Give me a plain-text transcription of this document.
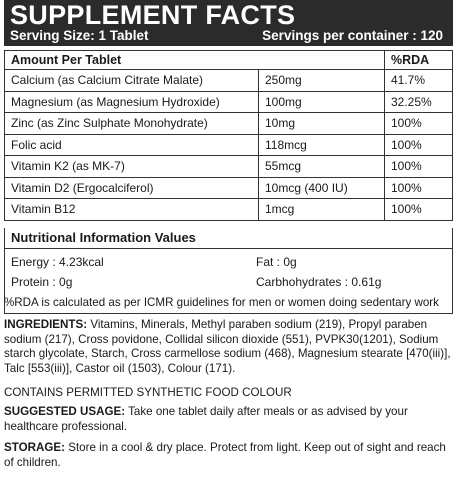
SUPPLEMENT FACTS
Serving Size: 1 Tablet	Servings per container : 120
Amount Per Tablet		%RDA
Calcium (as Calcium Citrate Malate)	250mg	41.7%
Magnesium (as Magnesium Hydroxide)	100mg	32.25%
Zinc (as Zinc Sulphate Monohydrate)	10mg	100%
Folic acid	118mcg	100%
Vitamin K2 (as MK-7)	55mcg	100%
Vitamin D2 (Ergocalciferol)	10mcg (400 IU)	100%
Vitamin B12	1mcg	100%
Nutritional Information Values
Energy : 4.23kcal	Fat : 0g
Protein : 0g	Carbhohydrates : 0.61g

%RDA is calculated as per ICMR guidelines for men or women doing sedentary work

INGREDIENTS: Vitamins, Minerals, Methyl paraben sodium (219), Propyl paraben sodium (217), Cross povidone, Collidal silicon dioxide (551), PVPK30(1201), Sodium starch glycolate, Starch, Cross carmellose sodium (468), Magnesium stearate [470(iii)], Talc [553(iii)], Castor oil (1503), Colour (171).

CONTAINS PERMITTED SYNTHETIC FOOD COLOUR

SUGGESTED USAGE: Take one tablet daily after meals or as advised by your healthcare professional.

STORAGE: Store in a cool & dry place. Protect from light. Keep out of sight and reach of children.
